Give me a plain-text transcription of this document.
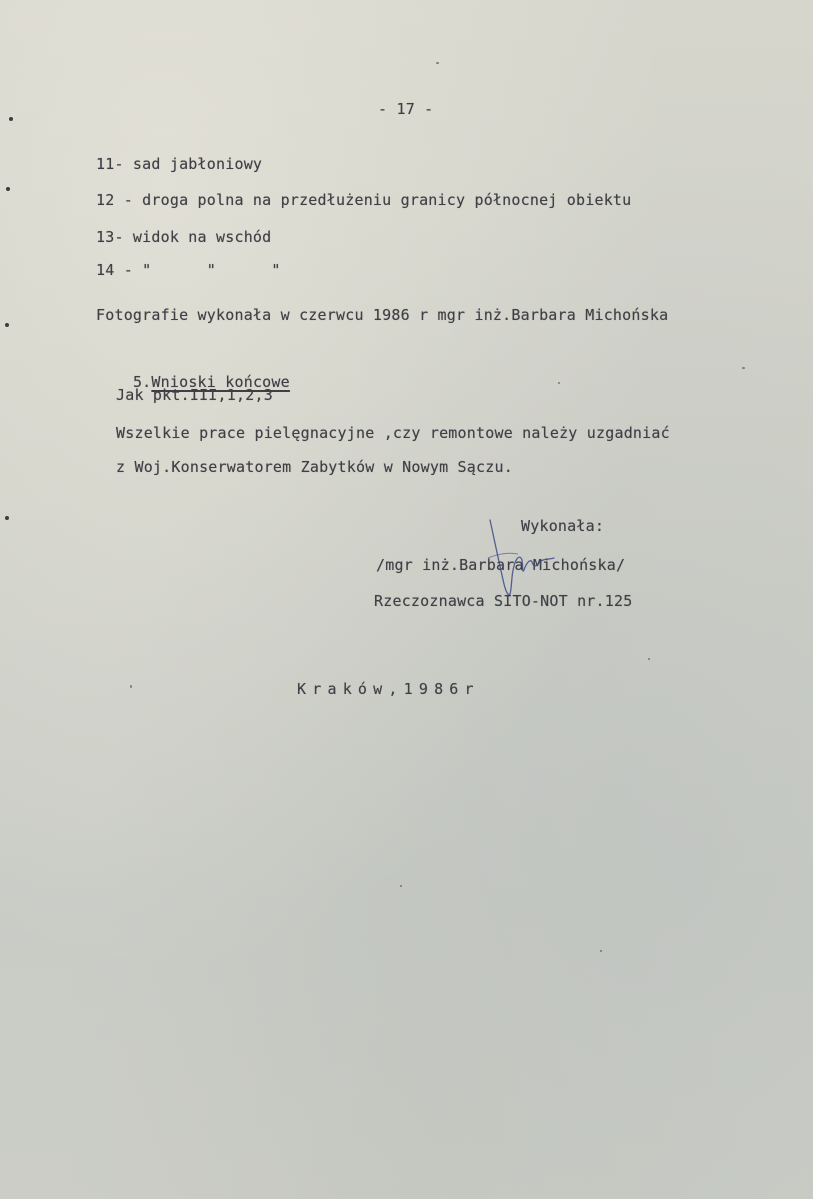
- 17 -
11- sad jabłoniowy
12 - droga polna na przedłużeniu granicy północnej obiektu
13- widok na wschód
14 - "      "      "
Fotografie wykonała w czerwcu 1986 r mgr inż.Barbara Michońska

5.Wnioski końcowe

Jak pkt.III,1,2,3
Wszelkie prace pielęgnacyjne ,czy remontowe należy uzgadniać
z Woj.Konserwatorem Zabytków w Nowym Sączu.
Wykonała:
/mgr inż.Barbara Michońska/
Rzeczoznawca SITO-NOT nr.125
Kraków,1986r
